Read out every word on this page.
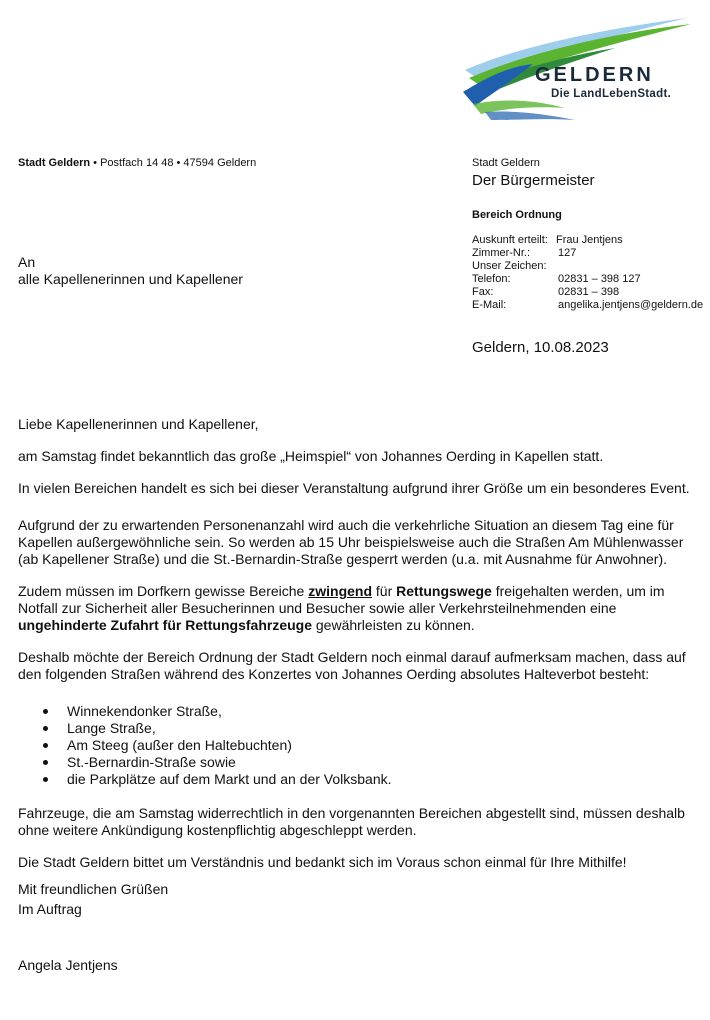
GELDERN
Die LandLebenStadt.
Stadt Geldern • Postfach 14 48 • 47594 Geldern
An
alle Kapellenerinnen und Kapellener
Stadt Geldern
Der Bürgermeister
Bereich Ordnung
Auskunft erteilt: Frau Jentjens
Zimmer-Nr.:	127
Unser Zeichen:
Telefon:	02831 – 398 127
Fax:	02831 – 398
E-Mail:	angelika.jentjens@geldern.de
Geldern, 10.08.2023

Liebe Kapellenerinnen und Kapellener,

am Samstag findet bekanntlich das große „Heimspiel“ von Johannes Oerding in Kapellen statt.

In vielen Bereichen handelt es sich bei dieser Veranstaltung aufgrund ihrer Größe um ein besonderes Event.

Aufgrund der zu erwartenden Personenanzahl wird auch die verkehrliche Situation an diesem Tag eine für Kapellen außergewöhnliche sein. So werden ab 15 Uhr beispielsweise auch die Straßen Am Mühlenwasser (ab Kapellener Straße) und die St.-Bernardin-Straße gesperrt werden (u.a. mit Ausnahme für Anwohner).

Zudem müssen im Dorfkern gewisse Bereiche zwingend für Rettungswege freigehalten werden, um im Notfall zur Sicherheit aller Besucherinnen und Besucher sowie aller Verkehrsteilnehmenden eine ungehinderte Zufahrt für Rettungsfahrzeuge gewährleisten zu können.

Deshalb möchte der Bereich Ordnung der Stadt Geldern noch einmal darauf aufmerksam machen, dass auf den folgenden Straßen während des Konzertes von Johannes Oerding absolutes Halteverbot besteht:

Winnekendonker Straße,
Lange Straße,
Am Steeg (außer den Haltebuchten)
St.-Bernardin-Straße sowie
die Parkplätze auf dem Markt und an der Volksbank.

Fahrzeuge, die am Samstag widerrechtlich in den vorgenannten Bereichen abgestellt sind, müssen deshalb ohne weitere Ankündigung kostenpflichtig abgeschleppt werden.

Die Stadt Geldern bittet um Verständnis und bedankt sich im Voraus schon einmal für Ihre Mithilfe!

Mit freundlichen Grüßen
Im Auftrag
Angela Jentjens
